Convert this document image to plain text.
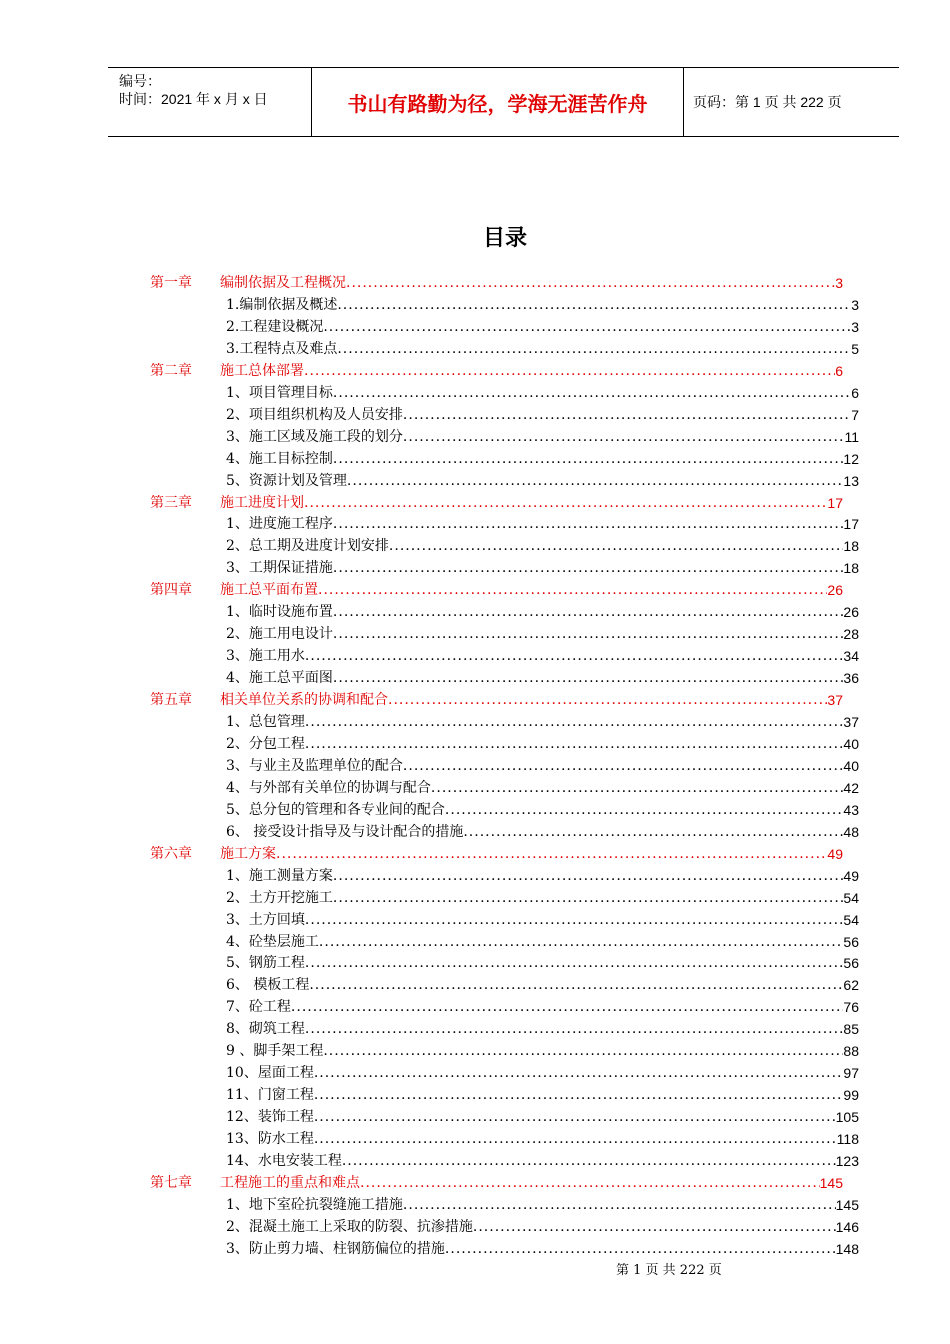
编号：
时间：2021 年 x 月 x 日	书山有路勤为径，学海无涯苦作舟	页码：第 1 页 共 222 页
目录
第一章 编制依据及工程概况 .....	3
1.编制依据及概述 .....	3
2.工程建设概况 .....	3
3.工程特点及难点 .....	5
第二章 施工总体部署 .....	6
1、项目管理目标 .....	6
2、项目组织机构及人员安排 .....	7
3、施工区域及施工段的划分 .....	11
4、施工目标控制 .....	12
5、资源计划及管理 .....	13
第三章 施工进度计划 .....	17
1、进度施工程序 .....	17
2、总工期及进度计划安排 .....	18
3、工期保证措施 .....	18
第四章 施工总平面布置 .....	26
1、临时设施布置 .....	26
2、施工用电设计 .....	28
3、施工用水 .....	34
4、施工总平面图 .....	36
第五章 相关单位关系的协调和配合 .....	37
1、总包管理 .....	37
2、分包工程 .....	40
3、与业主及监理单位的配合 .....	40
4、与外部有关单位的协调与配合 .....	42
5、总分包的管理和各专业间的配合 .....	43
6、 接受设计指导及与设计配合的措施 .....	48
第六章 施工方案 .....	49
1、施工测量方案 .....	49
2、土方开挖施工 .....	54
3、土方回填 .....	54
4、砼垫层施工 .....	56
5、钢筋工程 .....	56
6、 模板工程 .....	62
7、砼工程 .....	76
8、砌筑工程 .....	85
9 、脚手架工程 .....	88
10、屋面工程 .....	97
11、门窗工程 .....	99
12、装饰工程 .....	105
13、防水工程 .....	118
14、水电安装工程 .....	123
第七章 工程施工的重点和难点 .....	145
1、地下室砼抗裂缝施工措施 .....	145
2、混凝土施工上采取的防裂、抗渗措施 .....	146
3、防止剪力墙、柱钢筋偏位的措施 .....	148
第 1 页 共 222 页
